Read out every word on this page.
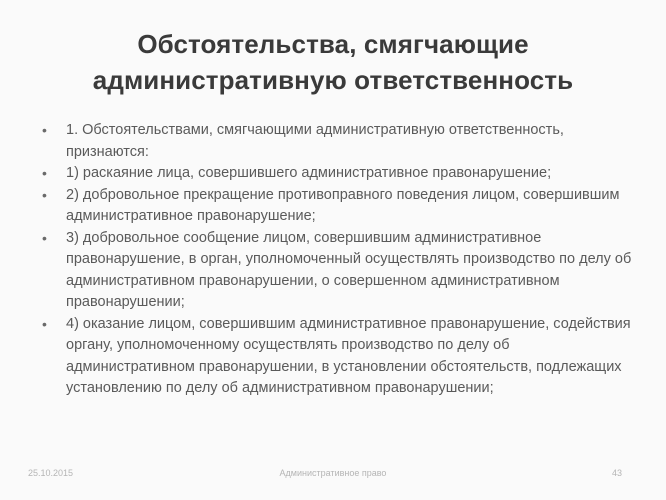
Обстоятельства, смягчающие
административную ответственность
•	1. Обстоятельствами, смягчающими административную ответственность, признаются:
•	1) раскаяние лица, совершившего административное правонарушение;
•	2) добровольное прекращение противоправного поведения лицом, совершившим административное правонарушение;
•	3) добровольное сообщение лицом, совершившим административное правонарушение, в орган, уполномоченный осуществлять производство по делу об административном правонарушении, о совершенном административном правонарушении;
•	4) оказание лицом, совершившим административное правонарушение, содействия органу, уполномоченному осуществлять производство по делу об административном правонарушении, в установлении обстоятельств, подлежащих установлению по делу об административном правонарушении;
25.10.2015	Административное право	43
